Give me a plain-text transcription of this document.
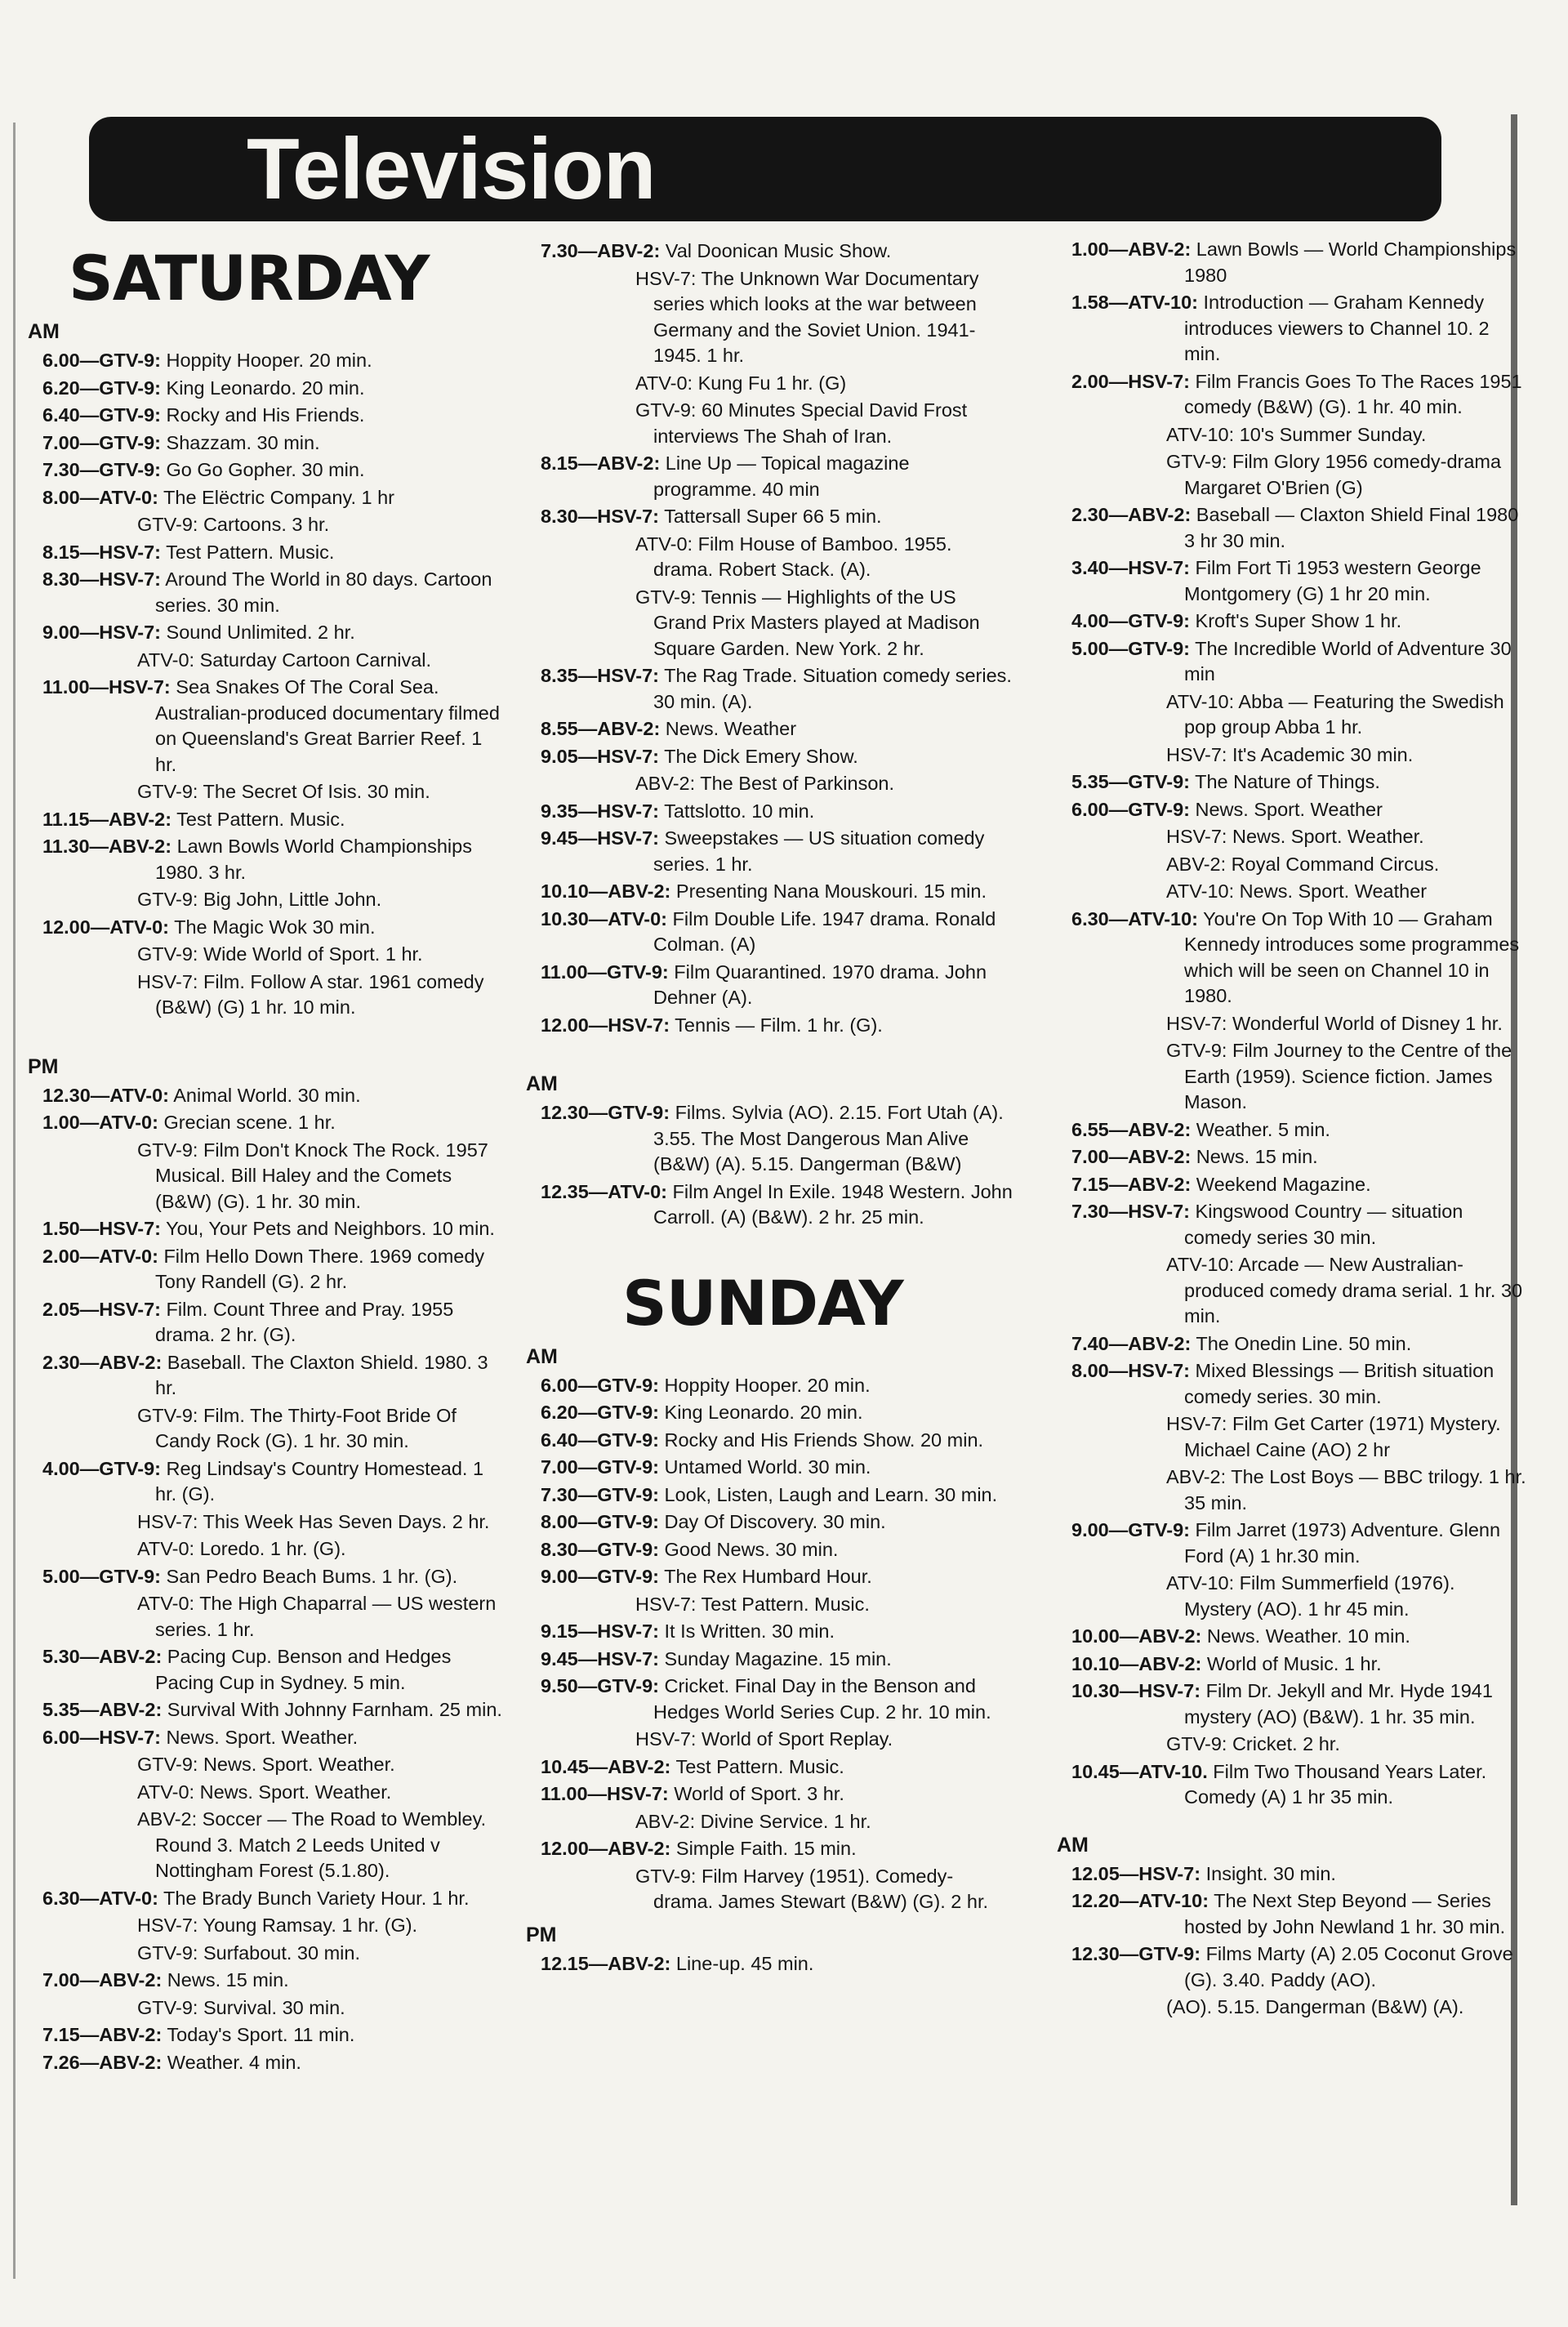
Television
SATURDAY
AM
6.00—GTV-9: Hoppity Hooper. 20 min.
6.20—GTV-9: King Leonardo. 20 min.
6.40—GTV-9: Rocky and His Friends.
7.00—GTV-9: Shazzam. 30 min.
7.30—GTV-9: Go Go Gopher. 30 min.
8.00—ATV-0: The Elëctric Company. 1 hr
GTV-9: Cartoons. 3 hr.
8.15—HSV-7: Test Pattern. Music.
8.30—HSV-7: Around The World in 80 days. Cartoon series. 30 min.
9.00—HSV-7: Sound Unlimited. 2 hr.
ATV-0: Saturday Cartoon Carnival.
11.00—HSV-7: Sea Snakes Of The Coral Sea. Australian-produced documentary filmed on Queensland's Great Barrier Reef. 1 hr.
GTV-9: The Secret Of Isis. 30 min.
11.15—ABV-2: Test Pattern. Music.
11.30—ABV-2: Lawn Bowls World Championships 1980. 3 hr.
GTV-9: Big John, Little John.
12.00—ATV-0: The Magic Wok 30 min.
GTV-9: Wide World of Sport. 1 hr.
HSV-7: Film. Follow A star. 1961 comedy (B&W) (G) 1 hr. 10 min.
PM
12.30—ATV-0: Animal World. 30 min.
1.00—ATV-0: Grecian scene. 1 hr.
GTV-9: Film Don't Knock The Rock. 1957 Musical. Bill Haley and the Comets (B&W) (G). 1 hr. 30 min.
1.50—HSV-7: You, Your Pets and Neighbors. 10 min.
2.00—ATV-0: Film Hello Down There. 1969 comedy Tony Randell (G). 2 hr.
2.05—HSV-7: Film. Count Three and Pray. 1955 drama. 2 hr. (G).
2.30—ABV-2: Baseball. The Claxton Shield. 1980. 3 hr.
GTV-9: Film. The Thirty-Foot Bride Of Candy Rock (G). 1 hr. 30 min.
4.00—GTV-9: Reg Lindsay's Country Homestead. 1 hr. (G).
HSV-7: This Week Has Seven Days. 2 hr.
ATV-0: Loredo. 1 hr. (G).
5.00—GTV-9: San Pedro Beach Bums. 1 hr. (G).
ATV-0: The High Chaparral — US western series. 1 hr.
5.30—ABV-2: Pacing Cup. Benson and Hedges Pacing Cup in Sydney. 5 min.
5.35—ABV-2: Survival With Johnny Farnham. 25 min.
6.00—HSV-7: News. Sport. Weather.
GTV-9: News. Sport. Weather.
ATV-0: News. Sport. Weather.
ABV-2: Soccer — The Road to Wembley. Round 3. Match 2 Leeds United v Nottingham Forest (5.1.80).
6.30—ATV-0: The Brady Bunch Variety Hour. 1 hr.
HSV-7: Young Ramsay. 1 hr. (G).
GTV-9: Surfabout. 30 min.
7.00—ABV-2: News. 15 min.
GTV-9: Survival. 30 min.
7.15—ABV-2: Today's Sport. 11 min.
7.26—ABV-2: Weather. 4 min.
7.30—ABV-2: Val Doonican Music Show.
HSV-7: The Unknown War Documentary series which looks at the war between Germany and the Soviet Union. 1941-1945. 1 hr.
ATV-0: Kung Fu 1 hr. (G)
GTV-9: 60 Minutes Special David Frost interviews The Shah of Iran.
8.15—ABV-2: Line Up — Topical magazine programme. 40 min
8.30—HSV-7: Tattersall Super 66 5 min.
ATV-0: Film House of Bamboo. 1955. drama. Robert Stack. (A).
GTV-9: Tennis — Highlights of the US Grand Prix Masters played at Madison Square Garden. New York. 2 hr.
8.35—HSV-7: The Rag Trade. Situation comedy series. 30 min. (A).
8.55—ABV-2: News. Weather
9.05—HSV-7: The Dick Emery Show.
ABV-2: The Best of Parkinson.
9.35—HSV-7: Tattslotto. 10 min.
9.45—HSV-7: Sweepstakes — US situation comedy series. 1 hr.
10.10—ABV-2: Presenting Nana Mouskouri. 15 min.
10.30—ATV-0: Film Double Life. 1947 drama. Ronald Colman. (A)
11.00—GTV-9: Film Quarantined. 1970 drama. John Dehner (A).
12.00—HSV-7: Tennis — Film. 1 hr. (G).
AM
12.30—GTV-9: Films. Sylvia (AO). 2.15. Fort Utah (A). 3.55. The Most Dangerous Man Alive (B&W) (A). 5.15. Dangerman (B&W)
12.35—ATV-0: Film Angel In Exile. 1948 Western. John Carroll. (A) (B&W). 2 hr. 25 min.
SUNDAY
AM
6.00—GTV-9: Hoppity Hooper. 20 min.
6.20—GTV-9: King Leonardo. 20 min.
6.40—GTV-9: Rocky and His Friends Show. 20 min.
7.00—GTV-9: Untamed World. 30 min.
7.30—GTV-9: Look, Listen, Laugh and Learn. 30 min.
8.00—GTV-9: Day Of Discovery. 30 min.
8.30—GTV-9: Good News. 30 min.
9.00—GTV-9: The Rex Humbard Hour.
HSV-7: Test Pattern. Music.
9.15—HSV-7: It Is Written. 30 min.
9.45—HSV-7: Sunday Magazine. 15 min.
9.50—GTV-9: Cricket. Final Day in the Benson and Hedges World Series Cup. 2 hr. 10 min.
HSV-7: World of Sport Replay.
10.45—ABV-2: Test Pattern. Music.
11.00—HSV-7: World of Sport. 3 hr.
ABV-2: Divine Service. 1 hr.
12.00—ABV-2: Simple Faith. 15 min.
GTV-9: Film Harvey (1951). Comedy-drama. James Stewart (B&W) (G). 2 hr.
PM
12.15—ABV-2: Line-up. 45 min.
1.00—ABV-2: Lawn Bowls — World Championships 1980
1.58—ATV-10: Introduction — Graham Kennedy introduces viewers to Channel 10. 2 min.
2.00—HSV-7: Film Francis Goes To The Races 1951 comedy (B&W) (G). 1 hr. 40 min.
ATV-10: 10's Summer Sunday.
GTV-9: Film Glory 1956 comedy-drama Margaret O'Brien (G)
2.30—ABV-2: Baseball — Claxton Shield Final 1980 3 hr 30 min.
3.40—HSV-7: Film Fort Ti 1953 western George Montgomery (G) 1 hr 20 min.
4.00—GTV-9: Kroft's Super Show 1 hr.
5.00—GTV-9: The Incredible World of Adventure 30 min
ATV-10: Abba — Featuring the Swedish pop group Abba 1 hr.
HSV-7: It's Academic 30 min.
5.35—GTV-9: The Nature of Things.
6.00—GTV-9: News. Sport. Weather
HSV-7: News. Sport. Weather.
ABV-2: Royal Command Circus.
ATV-10: News. Sport. Weather
6.30—ATV-10: You're On Top With 10 — Graham Kennedy introduces some programmes which will be seen on Channel 10 in 1980.
HSV-7: Wonderful World of Disney 1 hr.
GTV-9: Film Journey to the Centre of the Earth (1959). Science fiction. James Mason.
6.55—ABV-2: Weather. 5 min.
7.00—ABV-2: News. 15 min.
7.15—ABV-2: Weekend Magazine.
7.30—HSV-7: Kingswood Country — situation comedy series 30 min.
ATV-10: Arcade — New Australian-produced comedy drama serial. 1 hr. 30 min.
7.40—ABV-2: The Onedin Line. 50 min.
8.00—HSV-7: Mixed Blessings — British situation comedy series. 30 min.
HSV-7: Film Get Carter (1971) Mystery. Michael Caine (AO) 2 hr
ABV-2: The Lost Boys — BBC trilogy. 1 hr. 35 min.
9.00—GTV-9: Film Jarret (1973) Adventure. Glenn Ford (A) 1 hr.30 min.
ATV-10: Film Summerfield (1976). Mystery (AO). 1 hr 45 min.
10.00—ABV-2: News. Weather. 10 min.
10.10—ABV-2: World of Music. 1 hr.
10.30—HSV-7: Film Dr. Jekyll and Mr. Hyde 1941 mystery (AO) (B&W). 1 hr. 35 min.
GTV-9: Cricket. 2 hr.
10.45—ATV-10. Film Two Thousand Years Later. Comedy (A) 1 hr 35 min.
AM
12.05—HSV-7: Insight. 30 min.
12.20—ATV-10: The Next Step Beyond — Series hosted by John Newland 1 hr. 30 min.
12.30—GTV-9: Films Marty (A) 2.05 Coconut Grove (G). 3.40. Paddy (AO).
(AO). 5.15. Dangerman (B&W) (A).
